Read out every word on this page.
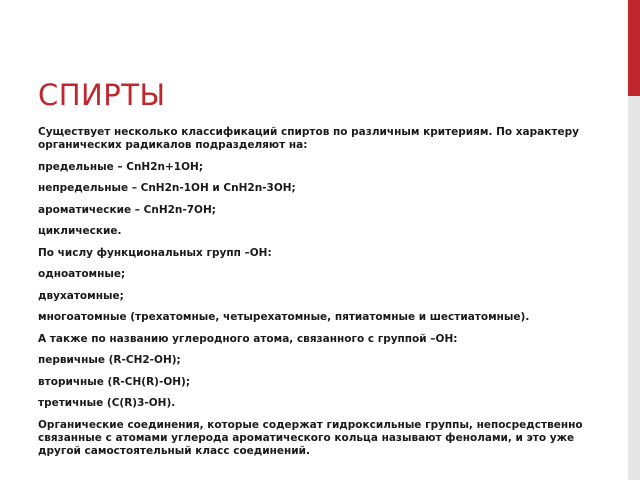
СПИРТЫ

Существует несколько классификаций спиртов по различным критериям. По характеру органических радикалов подразделяют на:

предельные – CnH2n+1OH;

непредельные – CnH2n-1OH и CnH2n-3OH;

ароматические – CnH2n-7OH;

циклические.

По числу функциональных групп –OH:

одноатомные;

двухатомные;

многоатомные (трехатомные, четырехатомные, пятиатомные и шестиатомные).

А также по названию углеродного атома, связанного с группой –OH:

первичные (R-CH2-OH);

вторичные (R-CH(R)-OH);

третичные (C(R)3-OH).

Органические соединения, которые содержат гидроксильные группы, непосредственно связанные с атомами углерода ароматического кольца называют фенолами, и это уже другой самостоятельный класс соединений.
